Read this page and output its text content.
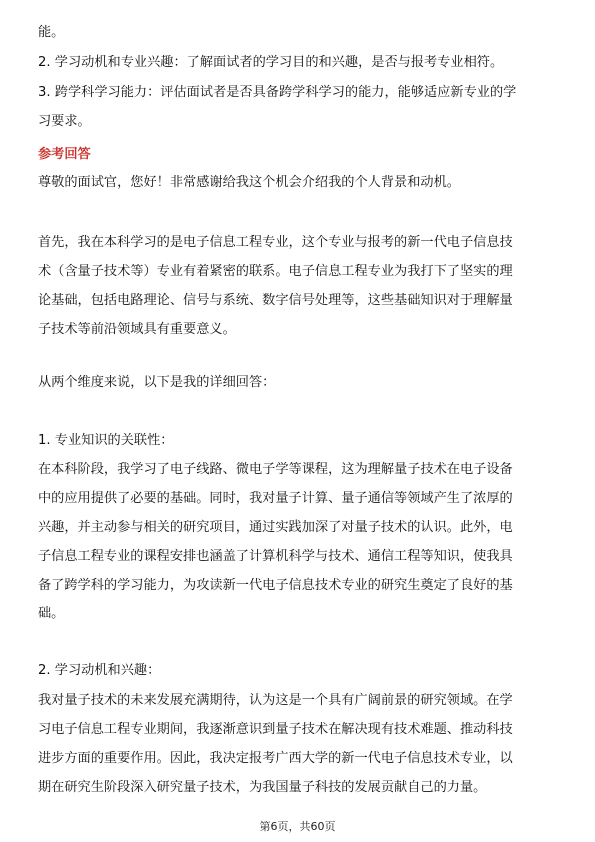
能。
2. 学习动机和专业兴趣：了解面试者的学习目的和兴趣，是否与报考专业相符。
3. 跨学科学习能力：评估面试者是否具备跨学科学习的能力，能够适应新专业的学
习要求。
参考回答
尊敬的面试官，您好！非常感谢给我这个机会介绍我的个人背景和动机。
首先，我在本科学习的是电子信息工程专业，这个专业与报考的新一代电子信息技
术（含量子技术等）专业有着紧密的联系。电子信息工程专业为我打下了坚实的理
论基础，包括电路理论、信号与系统、数字信号处理等，这些基础知识对于理解量
子技术等前沿领域具有重要意义。
从两个维度来说，以下是我的详细回答：
1. 专业知识的关联性：
在本科阶段，我学习了电子线路、微电子学等课程，这为理解量子技术在电子设备
中的应用提供了必要的基础。同时，我对量子计算、量子通信等领域产生了浓厚的
兴趣，并主动参与相关的研究项目，通过实践加深了对量子技术的认识。此外，电
子信息工程专业的课程安排也涵盖了计算机科学与技术、通信工程等知识，使我具
备了跨学科的学习能力，为攻读新一代电子信息技术专业的研究生奠定了良好的基
础。
2. 学习动机和兴趣：
我对量子技术的未来发展充满期待，认为这是一个具有广阔前景的研究领域。在学
习电子信息工程专业期间，我逐渐意识到量子技术在解决现有技术难题、推动科技
进步方面的重要作用。因此，我决定报考广西大学的新一代电子信息技术专业，以
期在研究生阶段深入研究量子技术，为我国量子科技的发展贡献自己的力量。
第6页，共60页
